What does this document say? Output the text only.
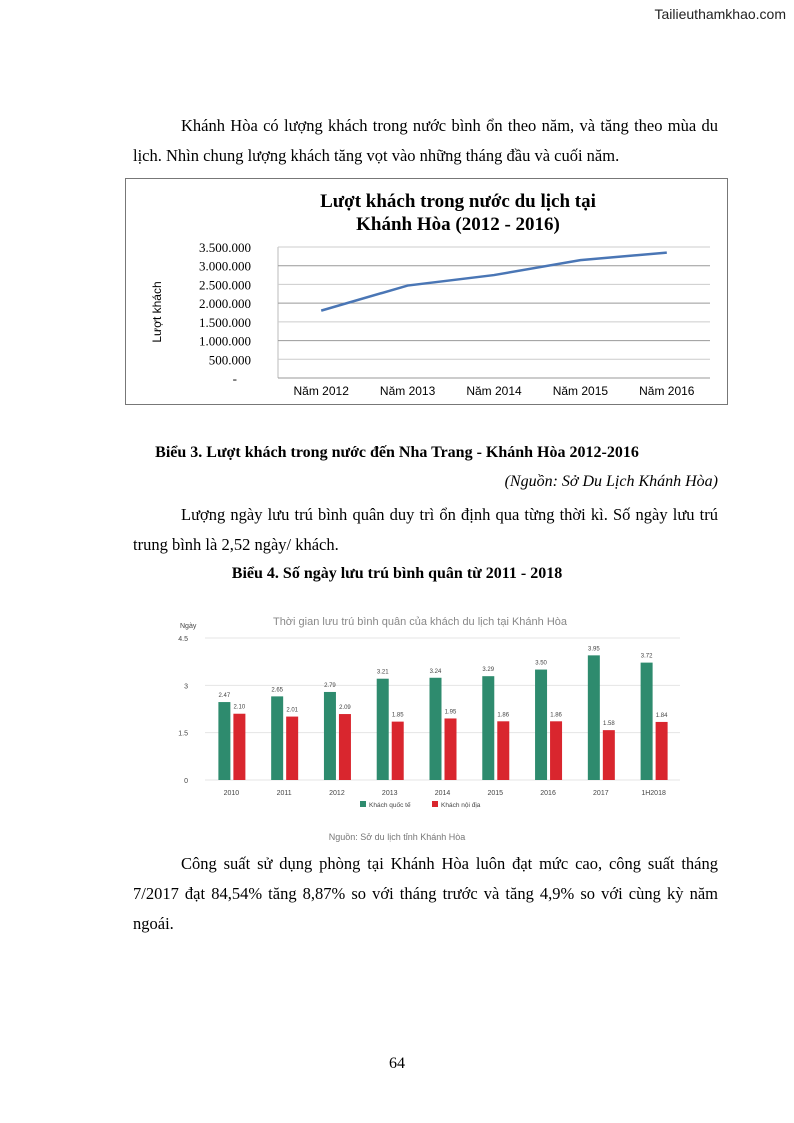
Tailieuthamkhao.com
Khánh Hòa có lượng khách trong nước bình ổn theo năm, và tăng theo mùa du lịch. Nhìn chung lượng khách tăng vọt vào những tháng đầu và cuối năm.
Lượt khách trong nước du lịch tại
Khánh Hòa (2012 - 2016)
Lượt khách
-
500.000
1.000.000
1.500.000
2.000.000
2.500.000
3.000.000
3.500.000
Năm 2012	Năm 2013	Năm 2014	Năm 2015	Năm 2016
Biểu 3. Lượt khách trong nước đến Nha Trang - Khánh Hòa 2012-2016
(Nguồn: Sở Du Lịch Khánh Hòa)
Lượng ngày lưu trú bình quân duy trì ổn định qua từng thời kì. Số ngày lưu trú trung bình là 2,52 ngày/ khách.
Biểu 4. Số ngày lưu trú bình quân từ 2011 - 2018
Thời gian lưu trú bình quân của khách du lịch tại Khánh Hòa
Ngày
0
1.5
3
4.5
2010
2.47
2.10
2011
2.65
2.01
2012
2.79
2.09
2013
3.21
1.85
2014
3.24
1.95
2015
3.29
1.86
2016
3.50
1.86
2017
3.95
1.58
1H2018
3.72
1.84
Khách quốc tế	Khách nội địa
Nguồn: Sở du lịch tỉnh Khánh Hòa
Công suất sử dụng phòng tại Khánh Hòa luôn đạt mức cao, công suất tháng 7/2017 đạt 84,54% tăng 8,87% so với tháng trước và tăng 4,9% so với cùng kỳ năm ngoái.
64
